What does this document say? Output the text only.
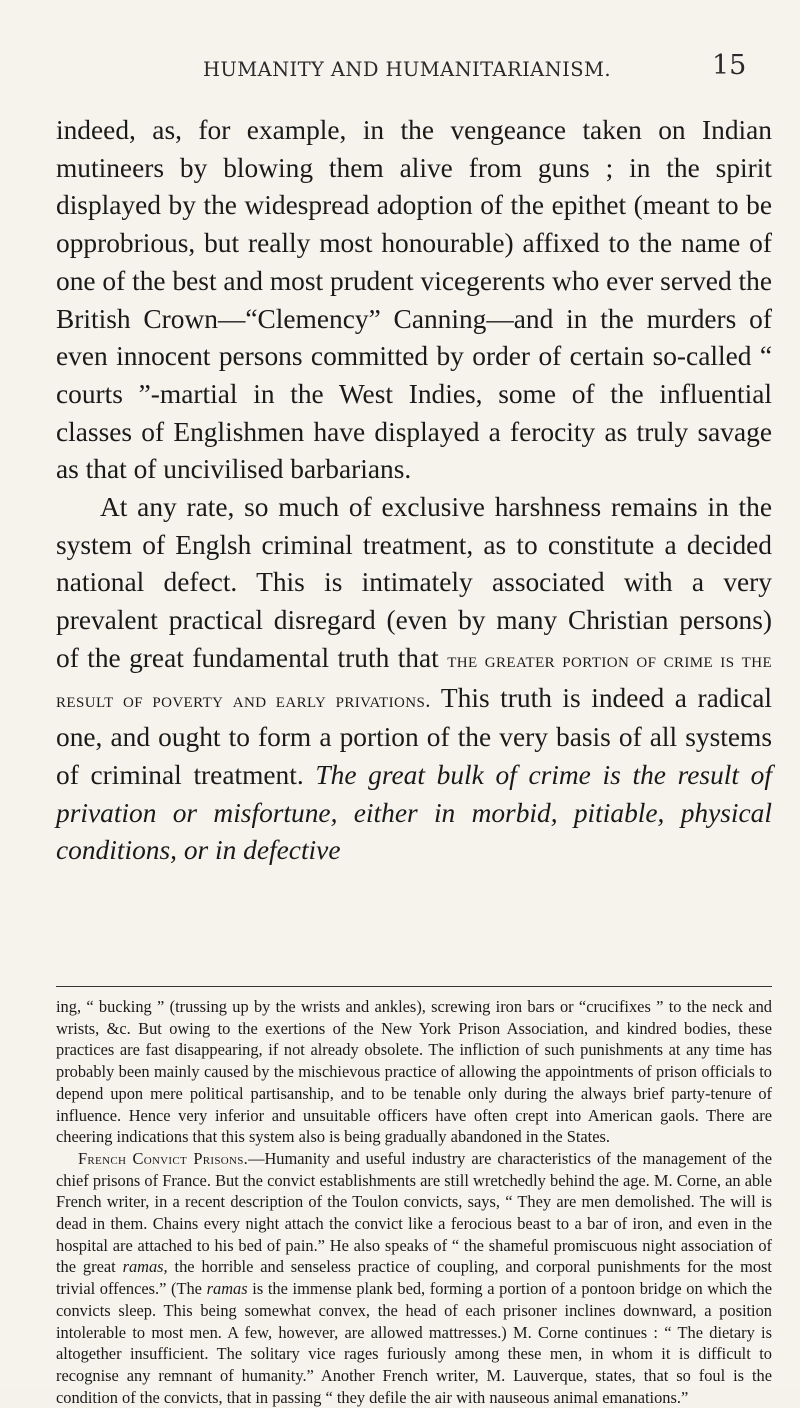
HUMANITY AND HUMANITARIANISM.	15

indeed, as, for example, in the vengeance taken on Indian mutineers by blowing them alive from guns ; in the spirit displayed by the widespread adoption of the epithet (meant to be opprobrious, but really most honourable) affixed to the name of one of the best and most prudent vicegerents who ever served the British Crown—“Clemency” Canning—and in the murders of even innocent persons committed by order of certain so-called “ courts ”-martial in the West Indies, some of the influential classes of Englishmen have displayed a ferocity as truly savage as that of uncivilised barbarians.

At any rate, so much of exclusive harshness remains in the system of Englsh criminal treatment, as to constitute a decided national defect. This is intimately associated with a very prevalent practical disregard (even by many Christian persons) of the great fundamental truth that the greater portion of crime is the result of poverty and early privations. This truth is indeed a radical one, and ought to form a portion of the very basis of all systems of criminal treatment. The great bulk of crime is the result of privation or misfortune, either in morbid, pitiable, physical conditions, or in defective

ing, “ bucking ” (trussing up by the wrists and ankles), screwing iron bars or “crucifixes ” to the neck and wrists, &c. But owing to the exertions of the New York Prison Association, and kindred bodies, these practices are fast disappearing, if not already obsolete. The infliction of such punishments at any time has probably been mainly caused by the mischievous practice of allowing the appointments of prison officials to depend upon mere political partisanship, and to be tenable only during the always brief party-tenure of influence. Hence very inferior and unsuitable officers have often crept into American gaols. There are cheering indications that this system also is being gradually abandoned in the States.

French Convict Prisons.—Humanity and useful industry are characteristics of the management of the chief prisons of France. But the convict establishments are still wretchedly behind the age. M. Corne, an able French writer, in a recent description of the Toulon convicts, says, “ They are men demolished. The will is dead in them. Chains every night attach the convict like a ferocious beast to a bar of iron, and even in the hospital are attached to his bed of pain.” He also speaks of “ the shameful promiscuous night association of the great ramas, the horrible and senseless practice of coupling, and corporal punishments for the most trivial offences.” (The ramas is the immense plank bed, forming a portion of a pontoon bridge on which the convicts sleep. This being somewhat convex, the head of each prisoner inclines downward, a position intolerable to most men. A few, however, are allowed mattresses.) M. Corne continues : “ The dietary is altogether insufficient. The solitary vice rages furiously among these men, in whom it is difficult to recognise any remnant of humanity.” Another French writer, M. Lauverque, states, that so foul is the condition of the convicts, that in passing “ they defile the air with nauseous animal emanations.”
